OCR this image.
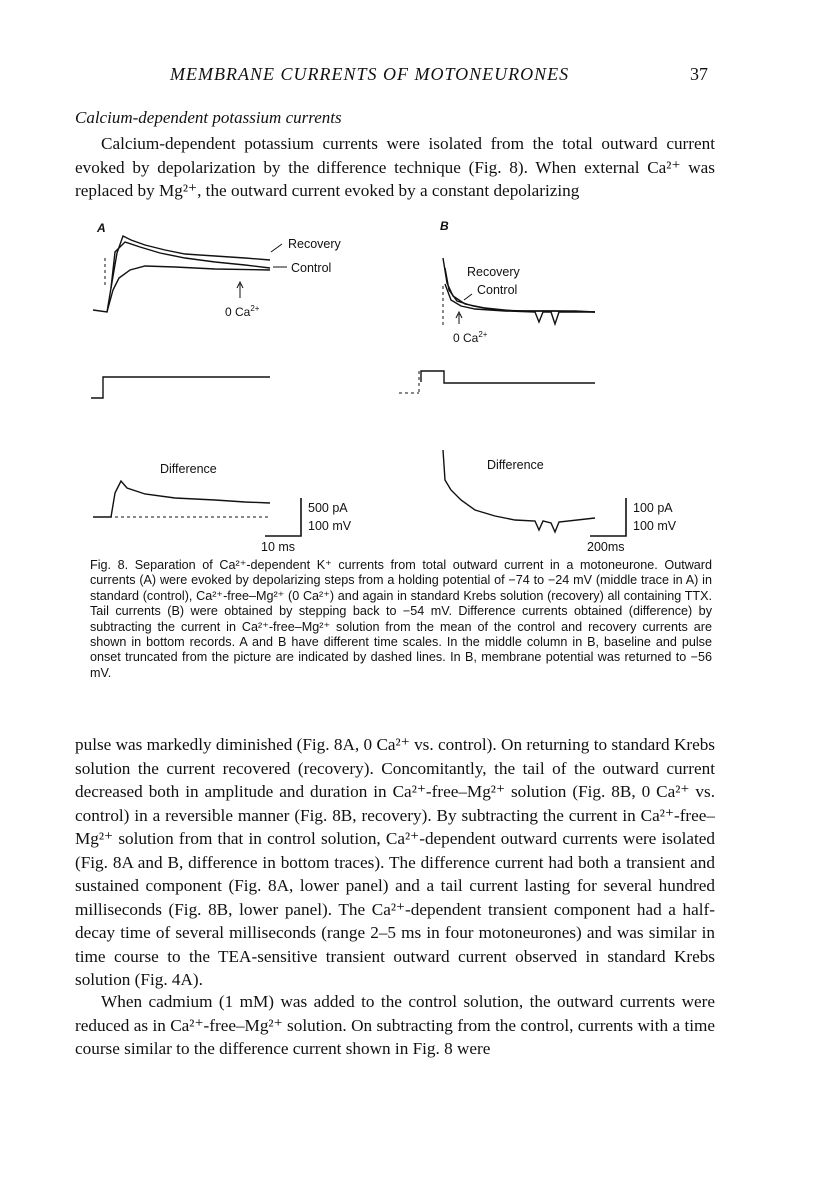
MEMBRANE CURRENTS OF MOTONEURONES	37
Calcium-dependent potassium currents

Calcium-dependent potassium currents were isolated from the total outward current evoked by depolarization by the difference technique (Fig. 8). When external Ca²⁺ was replaced by Mg²⁺, the outward current evoked by a constant depolarizing

A
Recovery
Control
0 $Ca^{2+}$
Difference
500 pA
100 mV
10 ms
B
Recovery
Control
0 $Ca^{2+}$
Difference
100 pA
100 mV
200ms

Fig. 8. Separation of Ca²⁺-dependent K⁺ currents from total outward current in a motoneurone. Outward currents (A) were evoked by depolarizing steps from a holding potential of −74 to −24 mV (middle trace in A) in standard (control), Ca²⁺-free–Mg²⁺ (0 Ca²⁺) and again in standard Krebs solution (recovery) all containing TTX. Tail currents (B) were obtained by stepping back to −54 mV. Difference currents obtained (difference) by subtracting the current in Ca²⁺-free–Mg²⁺ solution from the mean of the control and recovery currents are shown in bottom records. A and B have different time scales. In the middle column in B, baseline and pulse onset truncated from the picture are indicated by dashed lines. In B, membrane potential was returned to −56 mV.

pulse was markedly diminished (Fig. 8A, 0 Ca²⁺ vs. control). On returning to standard Krebs solution the current recovered (recovery). Concomitantly, the tail of the outward current decreased both in amplitude and duration in Ca²⁺-free–Mg²⁺ solution (Fig. 8B, 0 Ca²⁺ vs. control) in a reversible manner (Fig. 8B, recovery). By subtracting the current in Ca²⁺-free–Mg²⁺ solution from that in control solution, Ca²⁺-dependent outward currents were isolated (Fig. 8A and B, difference in bottom traces). The difference current had both a transient and sustained component (Fig. 8A, lower panel) and a tail current lasting for several hundred milliseconds (Fig. 8B, lower panel). The Ca²⁺-dependent transient component had a half-decay time of several milliseconds (range 2–5 ms in four motoneurones) and was similar in time course to the TEA-sensitive transient outward current observed in standard Krebs solution (Fig. 4A).

When cadmium (1 mM) was added to the control solution, the outward currents were reduced as in Ca²⁺-free–Mg²⁺ solution. On subtracting from the control, currents with a time course similar to the difference current shown in Fig. 8 were
